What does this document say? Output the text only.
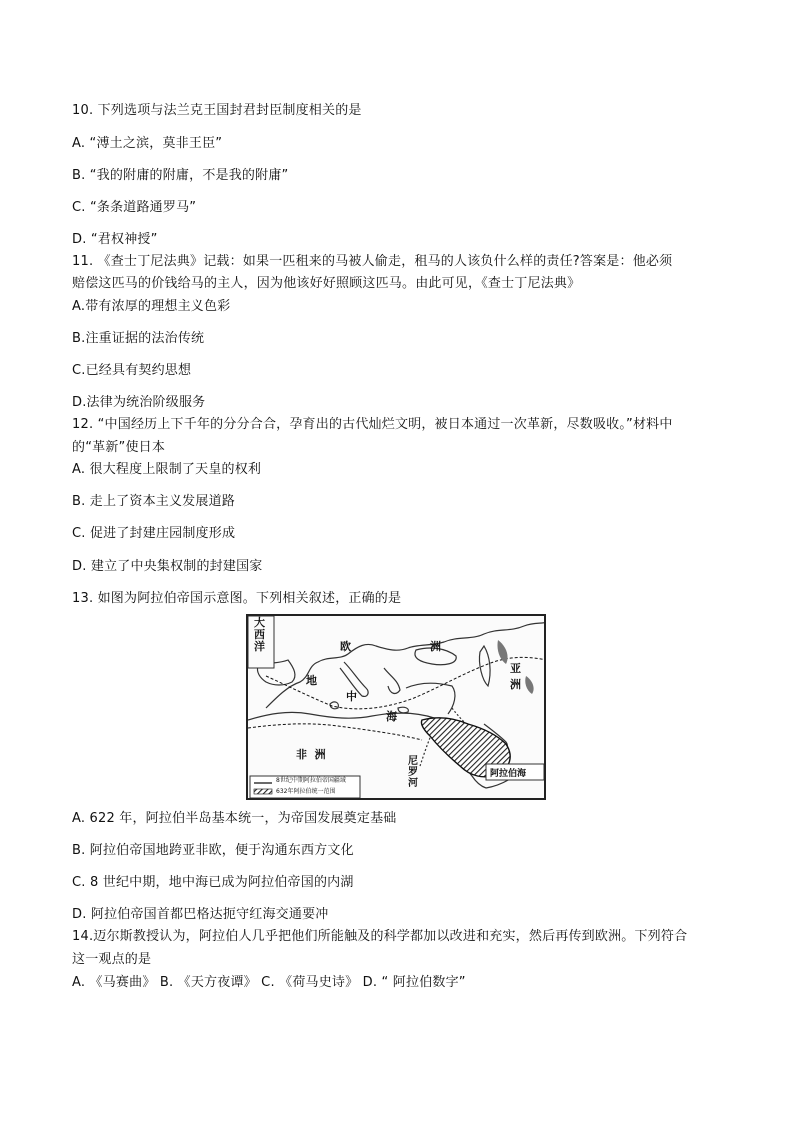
10. 下列选项与法兰克王国封君封臣制度相关的是
A. “溥土之滨，莫非王臣”
B. “我的附庸的附庸，不是我的附庸”
C. “条条道路通罗马”
D. “君权神授”
11. 《查士丁尼法典》记载：如果一匹租来的马被人偷走，租马的人该负什么样的责任?答案是：他必须
赔偿这匹马的价钱给马的主人，因为他该好好照顾这匹马。由此可见，《查士丁尼法典》
A.带有浓厚的理想主义色彩
B.注重证据的法治传统
C.已经具有契约思想
D.法律为统治阶级服务
12. “中国经历上下千年的分分合合，孕育出的古代灿烂文明，被日本通过一次革新，尽数吸收。”材料中
的“革新”使日本
A. 很大程度上限制了天皇的权利
B. 走上了资本主义发展道路
C. 促进了封建庄园制度形成
D. 建立了中央集权制的封建国家
13. 如图为阿拉伯帝国示意图。下列相关叙述，正确的是
大
西
洋	欧	洲
地
中
海
非  洲
尼
罗
河
亚
洲
阿拉伯海
8世纪中期阿拉伯帝国疆域
632年阿拉伯统一范围
A. 622 年，阿拉伯半岛基本统一，为帝国发展奠定基础
B. 阿拉伯帝国地跨亚非欧，便于沟通东西方文化
C. 8 世纪中期，地中海已成为阿拉伯帝国的内湖
D. 阿拉伯帝国首都巴格达扼守红海交通要冲
14.迈尔斯教授认为，阿拉伯人几乎把他们所能触及的科学都加以改进和充实，然后再传到欧洲。下列符合
这一观点的是
A. 《马赛曲》 B. 《天方夜谭》 C. 《荷马史诗》 D. “ 阿拉伯数字”
